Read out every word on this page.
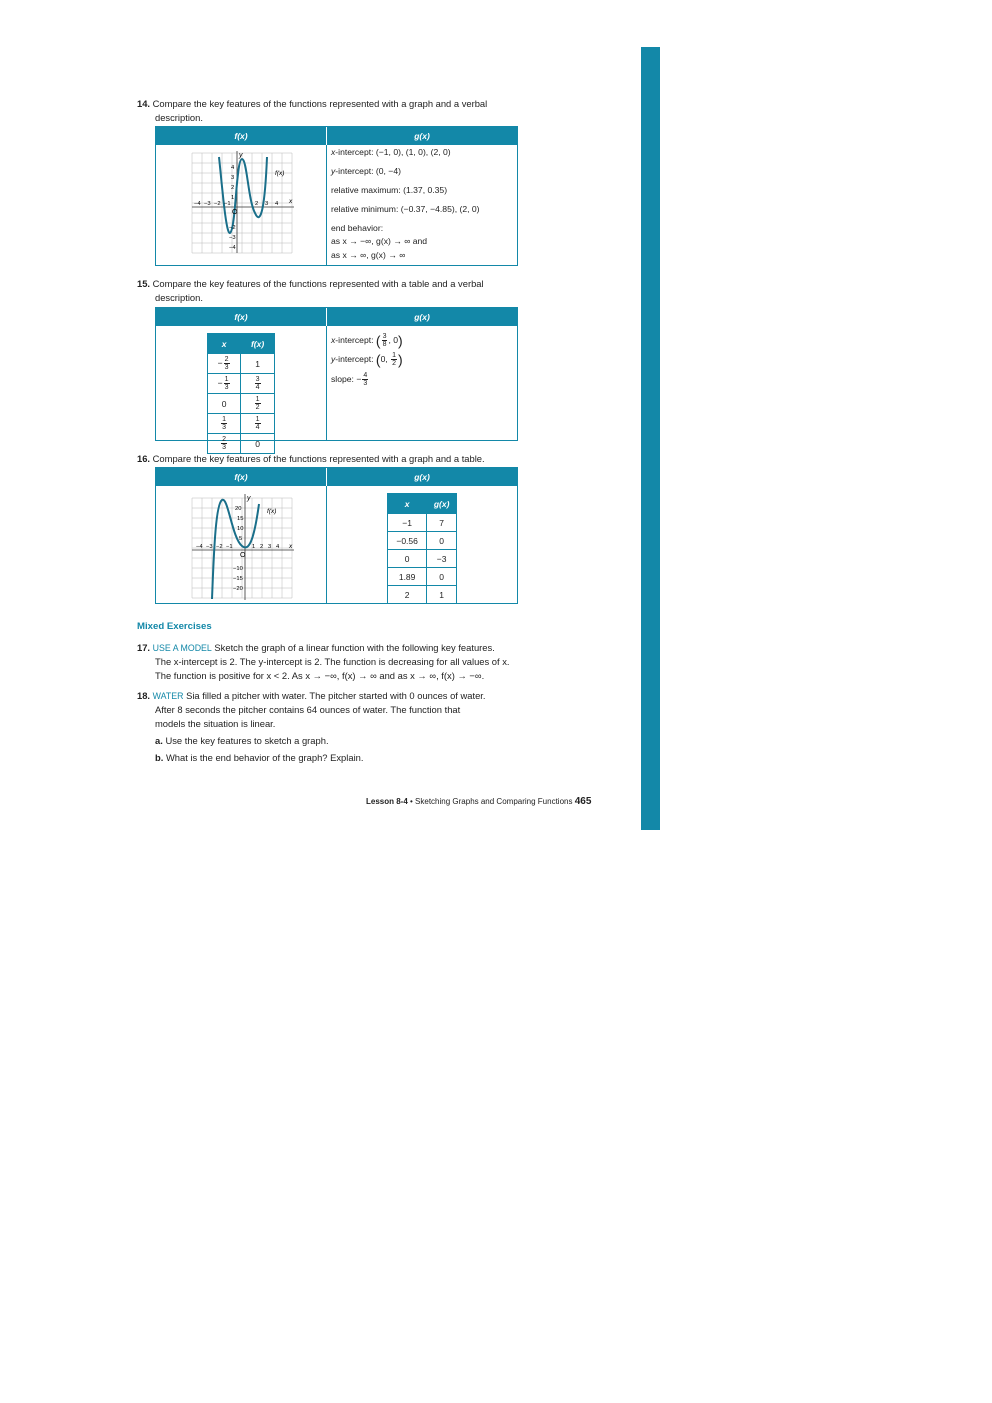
14. Compare the key features of the functions represented with a graph and a verbal
description.
f(x)	g(x)
y
x
O
f(x)
−4 −3 −2 −1	2 3 4
4
3
2
1
−2
−3
−4
x-intercept: (−1, 0), (1, 0), (2, 0)
y-intercept: (0, −4)
relative maximum: (1.37, 0.35)
relative minimum: (−0.37, −4.85), (2, 0)
end behavior:
as x → −∞, g(x) → ∞ and
as x → ∞, g(x) → ∞
15. Compare the key features of the functions represented with a table and a verbal
description.
f(x)	g(x)
x	f(x)
− $\frac{2}{3}$	1
− $\frac{1}{3}$	$\frac{3}{4}$

0	$\frac{1}{2}$

$\frac{1}{3}$	$\frac{1}{4}$

$\frac{2}{3}$	0
x-intercept: ( $\frac{3}{8}$ , 0)
y-intercept: (0, $\frac{1}{2}$ )
slope: − $\frac{4}{3}$
16. Compare the key features of the functions represented with a graph and a table.
f(x)	g(x)
y
x
O
f(x)
−4 −3 −2 −1	1 2 3 4
20
15
10
5
−10
−15
−20
x	g(x)
−1	7
−0.56	0
0	−3
1.89	0
2	1
Mixed Exercises
17. USE A MODEL Sketch the graph of a linear function with the following key features.
The x-intercept is 2. The y-intercept is 2. The function is decreasing for all values of x.
The function is positive for x < 2. As x → −∞, f(x) → ∞ and as x → ∞, f(x) → −∞.
18. WATER Sia filled a pitcher with water. The pitcher started with 0 ounces of water.
After 8 seconds the pitcher contains 64 ounces of water. The function that
models the situation is linear.
a. Use the key features to sketch a graph.
b. What is the end behavior of the graph? Explain.
Lesson 8-4 • Sketching Graphs and Comparing Functions 465
